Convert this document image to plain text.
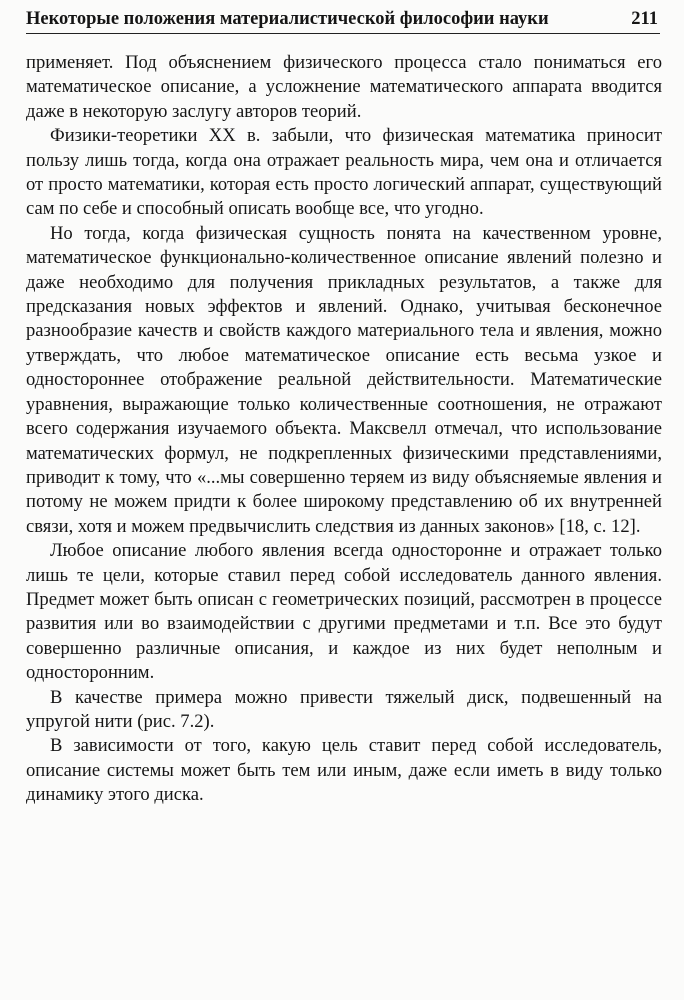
Некоторые положения материалистической философии науки	211

применяет. Под объяснением физического процесса стало пониматься его математическое описание, а усложнение математического аппарата вводится даже в некоторую заслугу авторов теорий.

Физики-теоретики XX в. забыли, что физическая математика приносит пользу лишь тогда, когда она отражает реальность мира, чем она и отличается от просто математики, которая есть просто логический аппарат, существующий сам по себе и способный описать вообще все, что угодно.

Но тогда, когда физическая сущность понята на качественном уровне, математическое функционально-количественное описание явлений полезно и даже необходимо для получения прикладных результатов, а также для предсказания новых эффектов и явлений. Однако, учитывая бесконечное разнообразие качеств и свойств каждого материального тела и явления, можно утверждать, что любое математическое описание есть весьма узкое и одностороннее отображение реальной действительности. Математические уравнения, выражающие только количественные соотношения, не отражают всего содержания изучаемого объекта. Максвелл отмечал, что использование математических формул, не подкрепленных физическими представлениями, приводит к тому, что «...мы совершенно теряем из виду объясняемые явления и потому не можем придти к более широкому представлению об их внутренней связи, хотя и можем предвычислить следствия из данных законов» [18, с. 12].

Любое описание любого явления всегда односторонне и отражает только лишь те цели, которые ставил перед собой исследователь данного явления. Предмет может быть описан с геометрических позиций, рассмотрен в процессе развития или во взаимодействии с другими предметами и т.п. Все это будут совершенно различные описания, и каждое из них будет неполным и односторонним.

В качестве примера можно привести тяжелый диск, подвешенный на упругой нити (рис. 7.2).

В зависимости от того, какую цель ставит перед собой исследователь, описание системы может быть тем или иным, даже если иметь в виду только динамику этого диска.
